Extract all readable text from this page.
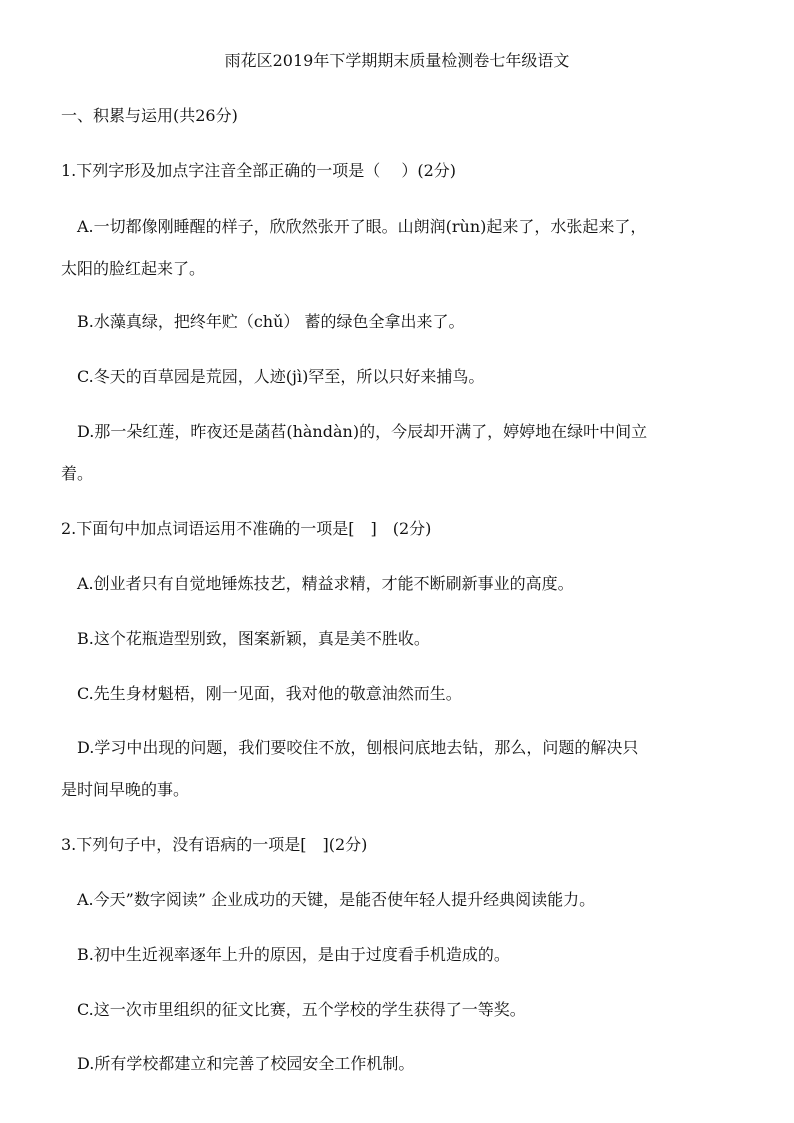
雨花区2019年下学期期末质量检测卷七年级语文
一、积累与运用(共26分)
1.下列字形及加点字注音全部正确的一项是（　 ）(2分)
A.一切都像刚睡醒的样子，欣欣然张开了眼。山朗润(rùn)起来了，水张起来了，
太阳的脸红起来了。
B.水藻真绿，把终年贮（chǔ） 蓄的绿色全拿出来了。
C.冬天的百草园是荒园，人迹(jì)罕至，所以只好来捕鸟。
D.那一朵红莲，昨夜还是菡萏(hàndàn)的，今辰却开满了，婷婷地在绿叶中间立
着。
2.下面句中加点词语运用不准确的一项是[　]　(2分)
A.创业者只有自觉地锤炼技艺，精益求精，才能不断刷新事业的高度。
B.这个花瓶造型别致，图案新颖，真是美不胜收。
C.先生身材魁梧，刚一见面，我对他的敬意油然而生。
D.学习中出现的问题，我们要咬住不放，刨根问底地去钻，那么，问题的解决只
是时间早晚的事。
3.下列句子中，没有语病的一项是[　](2分)
A.今天”数字阅读” 企业成功的天键，是能否使年轻人提升经典阅读能力。
B.初中生近视率逐年上升的原因，是由于过度看手机造成的。
C.这一次市里组织的征文比赛，五个学校的学生获得了一等奖。
D.所有学校都建立和完善了校园安全工作机制。
